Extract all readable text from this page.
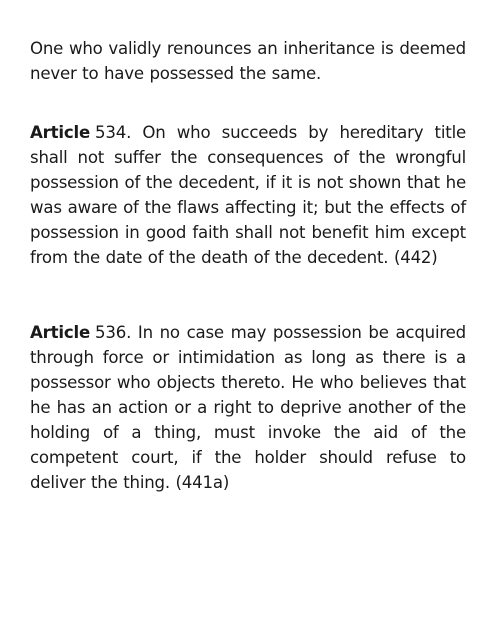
One who validly renounces an inheritance is deemed never to have possessed the same.

Article 534. On who succeeds by hereditary title shall not suffer the consequences of the wrongful possession of the decedent, if it is not shown that he was aware of the flaws affecting it; but the effects of possession in good faith shall not benefit him except from the date of the death of the decedent. (442)

Article 536. In no case may possession be acquired through force or intimidation as long as there is a possessor who objects thereto. He who believes that he has an action or a right to deprive another of the holding of a thing, must invoke the aid of the competent court, if the holder should refuse to deliver the thing. (441a)
